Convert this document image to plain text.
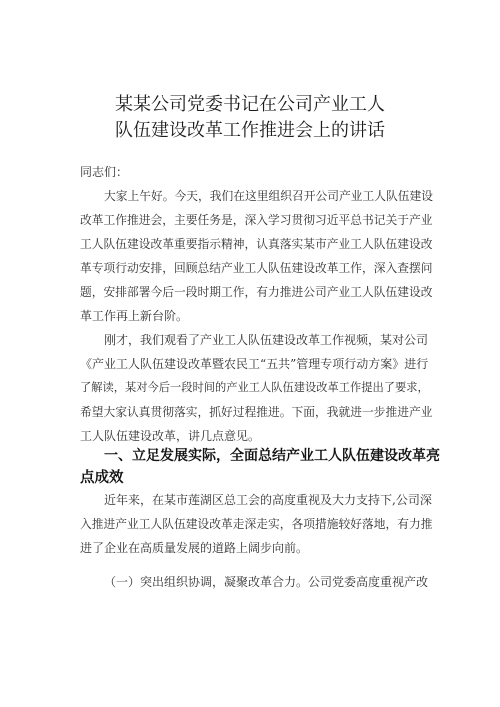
某某公司党委书记在公司产业工人
队伍建设改革工作推进会上的讲话
同志们：
大家上午好。今天，我们在这里组织召开公司产业工人队伍建设
改革工作推进会，主要任务是，深入学习贯彻习近平总书记关于产业
工人队伍建设改革重要指示精神，认真落实某市产业工人队伍建设改
革专项行动安排，回顾总结产业工人队伍建设改革工作，深入查摆问
题，安排部署今后一段时期工作，有力推进公司产业工人队伍建设改
革工作再上新台阶。
刚才，我们观看了产业工人队伍建设改革工作视频，某对公司
《产业工人队伍建设改革暨农民工“五共”管理专项行动方案》进行
了解读，某对今后一段时间的产业工人队伍建设改革工作提出了要求，
希望大家认真贯彻落实，抓好过程推进。下面，我就进一步推进产业
工人队伍建设改革，讲几点意见。
一、立足发展实际，全面总结产业工人队伍建设改革亮
点成效
近年来，在某市莲湖区总工会的高度重视及大力支持下,公司深
入推进产业工人队伍建设改革走深走实，各项措施较好落地，有力推
进了企业在高质量发展的道路上阔步向前。
（一）突出组织协调，凝聚改革合力。公司党委高度重视产改
